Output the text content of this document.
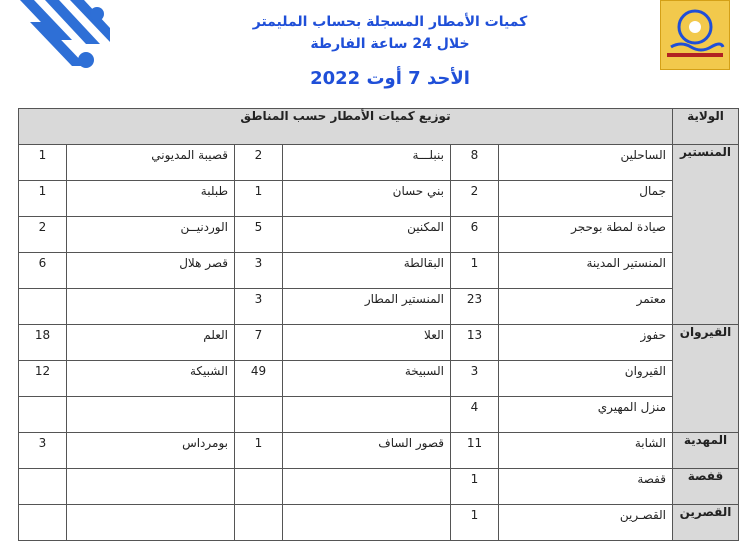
كميات الأمطار المسجلة بحساب المليمتر
خلال 24 ساعة الفارطة
الأحد 7 أوت 2022
توزيع كميات الأمطار حسب المناطق						الولاية

1	قصيبة المديوني	2	بنبلـــة	8	الساحلين	المنستير

1	طبلبة	1	بني حسان	2	جمال	

2	الوردنيــن	5	المكنين	6	صيادة لمطة بوحجر	

6	قصر هلال	3	البقالطة	1	المنستير المدينة	

		3	المنستير المطار	23	معتمر	

18	العلم	7	العلا	13	حفوز	القيروان

12	الشبيكة	49	السبيخة	3	القيروان	

				4	منزل المهيري	

3	بومرداس	1	قصور الساف	11	الشابة	المهدية

				1	قفصة	قفصة

				1	القصـرين	القصرين
